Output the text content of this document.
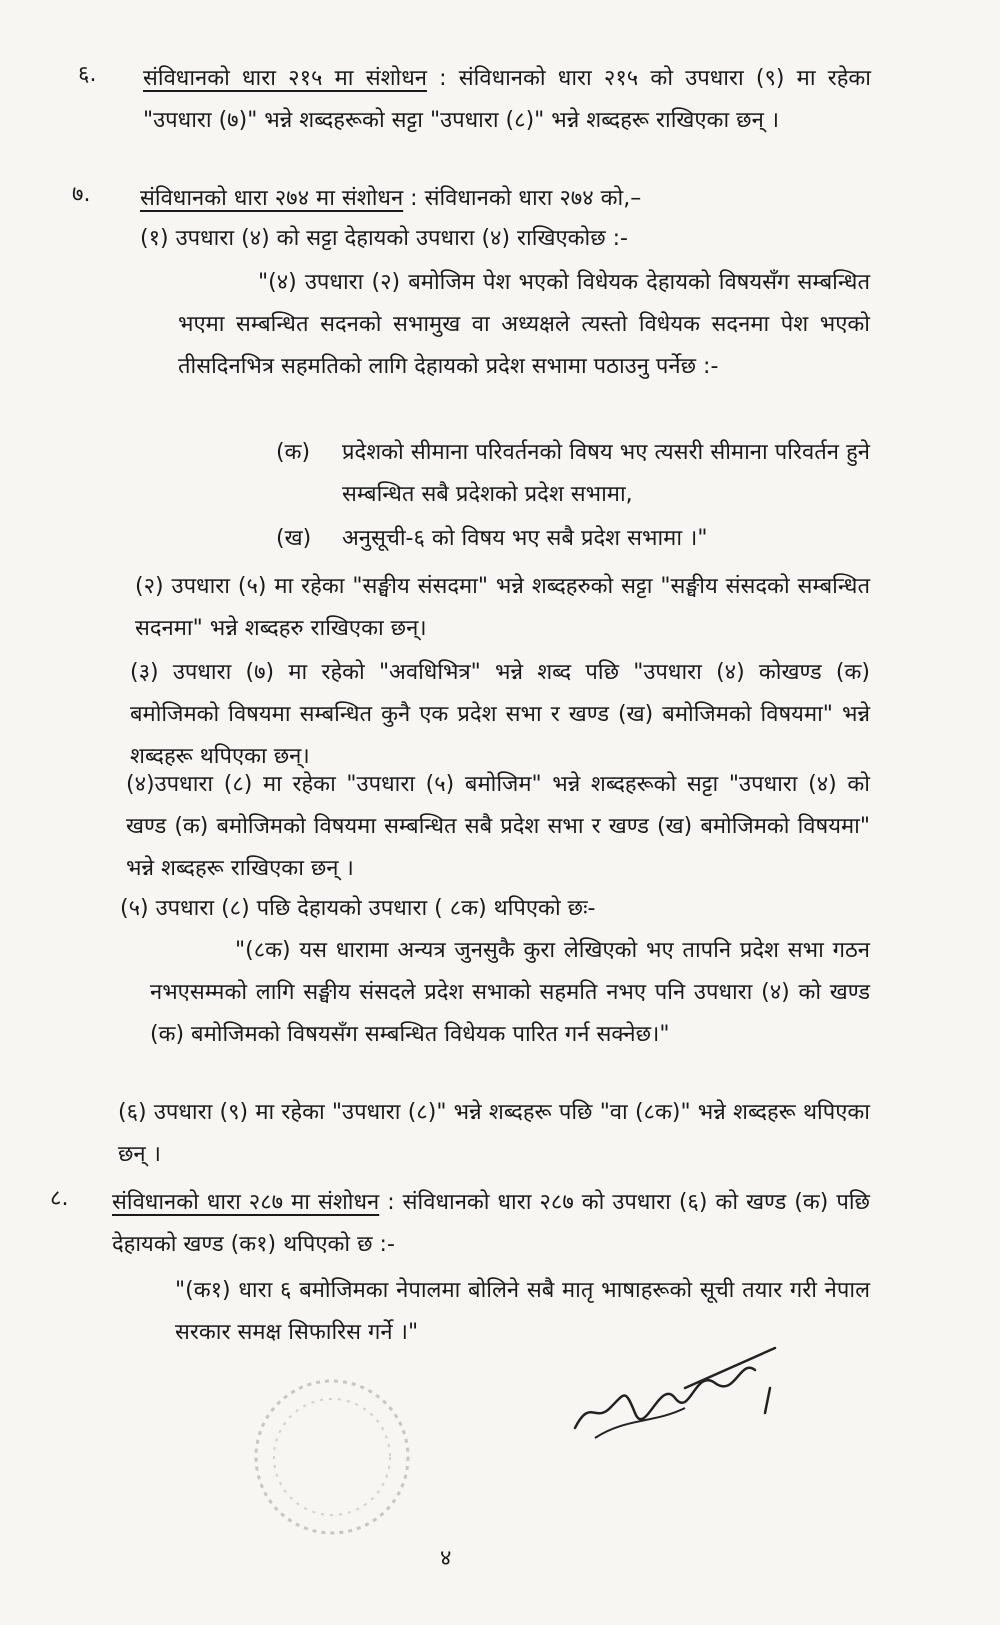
६. संविधानको धारा २१५ मा संशोधन : संविधानको धारा २१५ को उपधारा (९) मा रहेका "उपधारा (७)" भन्ने शब्दहरूको सट्टा "उपधारा (८)" भन्ने शब्दहरू राखिएका छन् ।
७. संविधानको धारा २७४ मा संशोधन : संविधानको धारा २७४ को,–
(१) उपधारा (४) को सट्टा देहायको उपधारा (४) राखिएकोछ :-
"(४) उपधारा (२) बमोजिम पेश भएको विधेयक देहायको विषयसँग सम्बन्धित भएमा सम्बन्धित सदनको सभामुख वा अध्यक्षले त्यस्तो विधेयक सदनमा पेश भएको तीसदिनभित्र सहमतिको लागि देहायको प्रदेश सभामा पठाउनु पर्नेछ :-
(क) प्रदेशको सीमाना परिवर्तनको विषय भए त्यसरी सीमाना परिवर्तन हुने सम्बन्धित सबै प्रदेशको प्रदेश सभामा,
(ख) अनुसूची-६ को विषय भए सबै प्रदेश सभामा ।"
(२) उपधारा (५) मा रहेका "सङ्घीय संसदमा" भन्ने शब्दहरुको सट्टा "सङ्घीय संसदको सम्बन्धित सदनमा" भन्ने शब्दहरु राखिएका छन्।
(३) उपधारा (७) मा रहेको "अवधिभित्र" भन्ने शब्द पछि "उपधारा (४) कोखण्ड (क) बमोजिमको विषयमा सम्बन्धित कुनै एक प्रदेश सभा र खण्ड (ख) बमोजिमको विषयमा" भन्ने शब्दहरू थपिएका छन्।
(४)उपधारा (८) मा रहेका "उपधारा (५) बमोजिम" भन्ने शब्दहरूको सट्टा "उपधारा (४) को खण्ड (क) बमोजिमको विषयमा सम्बन्धित सबै प्रदेश सभा र खण्ड (ख) बमोजिमको विषयमा" भन्ने शब्दहरू राखिएका छन् ।
(५) उपधारा (८) पछि देहायको उपधारा ( ८क) थपिएको छः-
"(८क) यस धारामा अन्यत्र जुनसुकै कुरा लेखिएको भए तापनि प्रदेश सभा गठन नभएसम्मको लागि सङ्घीय संसदले प्रदेश सभाको सहमति नभए पनि उपधारा (४) को खण्ड (क) बमोजिमको विषयसँग सम्बन्धित विधेयक पारित गर्न सक्नेछ।"
(६) उपधारा (९) मा रहेका "उपधारा (८)" भन्ने शब्दहरू पछि "वा (८क)" भन्ने शब्दहरू थपिएका छन् ।
८. संविधानको धारा २८७ मा संशोधन : संविधानको धारा २८७ को उपधारा (६) को खण्ड (क) पछि देहायको खण्ड (क१) थपिएको छ :-
"(क१) धारा ६ बमोजिमका नेपालमा बोलिने सबै मातृ भाषाहरूको सूची तयार गरी नेपाल सरकार समक्ष सिफारिस गर्ने ।"
४
